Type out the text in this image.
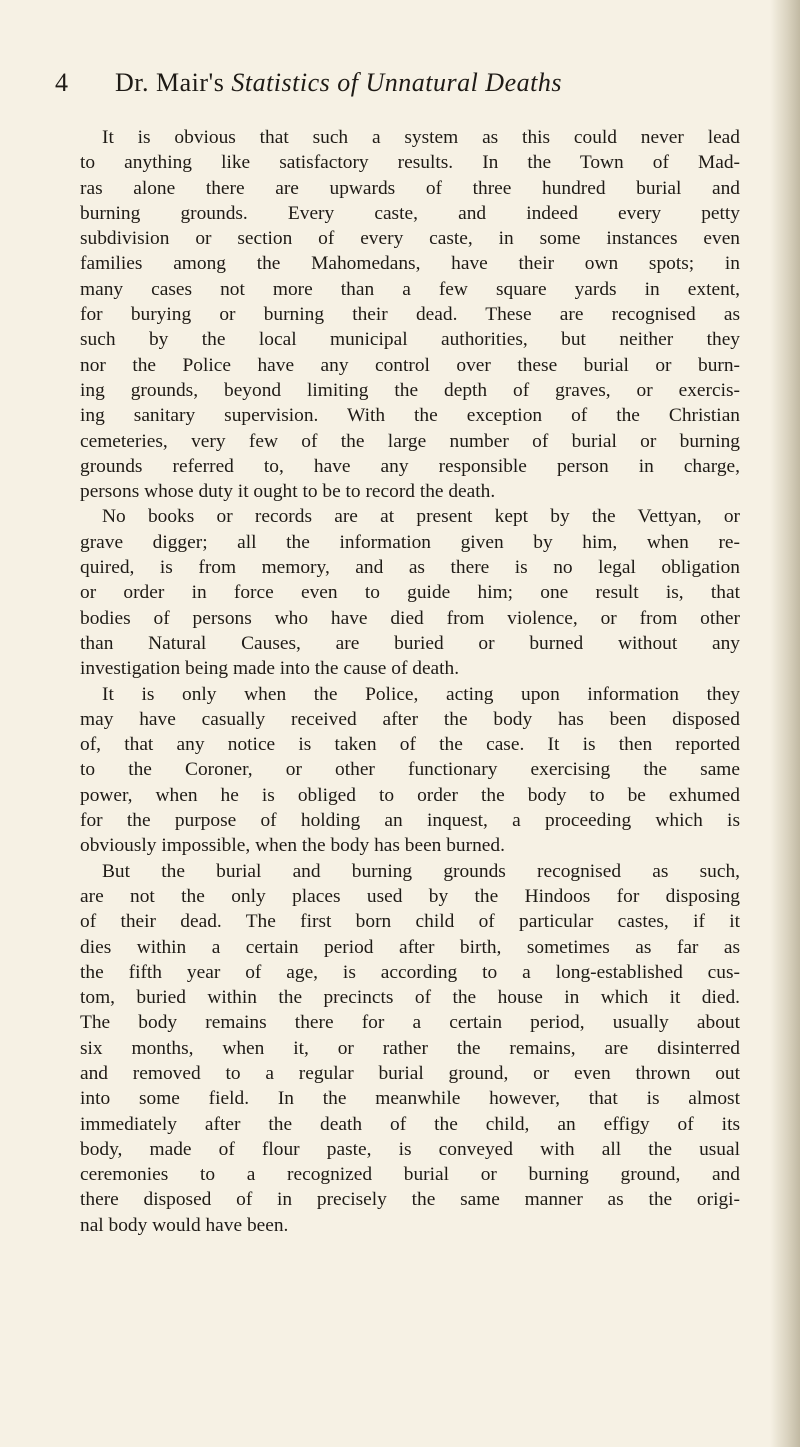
4 Dr. Mair's Statistics of Unnatural Deaths
It is obvious that such a system as this could never lead
to anything like satisfactory results. In the Town of Mad-
ras alone there are upwards of three hundred burial and
burning grounds. Every caste, and indeed every petty
subdivision or section of every caste, in some instances even
families among the Mahomedans, have their own spots; in
many cases not more than a few square yards in extent,
for burying or burning their dead. These are recognised as
such by the local municipal authorities, but neither they
nor the Police have any control over these burial or burn-
ing grounds, beyond limiting the depth of graves, or exercis-
ing sanitary supervision. With the exception of the Christian
cemeteries, very few of the large number of burial or burning
grounds referred to, have any responsible person in charge,
persons whose duty it ought to be to record the death.
No books or records are at present kept by the Vettyan, or
grave digger; all the information given by him, when re-
quired, is from memory, and as there is no legal obligation
or order in force even to guide him; one result is, that
bodies of persons who have died from violence, or from other
than Natural Causes, are buried or burned without any
investigation being made into the cause of death.
It is only when the Police, acting upon information they
may have casually received after the body has been disposed
of, that any notice is taken of the case. It is then reported
to the Coroner, or other functionary exercising the same
power, when he is obliged to order the body to be exhumed
for the purpose of holding an inquest, a proceeding which is
obviously impossible, when the body has been burned.
But the burial and burning grounds recognised as such,
are not the only places used by the Hindoos for disposing
of their dead. The first born child of particular castes, if it
dies within a certain period after birth, sometimes as far as
the fifth year of age, is according to a long-established cus-
tom, buried within the precincts of the house in which it died.
The body remains there for a certain period, usually about
six months, when it, or rather the remains, are disinterred
and removed to a regular burial ground, or even thrown out
into some field. In the meanwhile however, that is almost
immediately after the death of the child, an effigy of its
body, made of flour paste, is conveyed with all the usual
ceremonies to a recognized burial or burning ground, and
there disposed of in precisely the same manner as the origi-
nal body would have been.
